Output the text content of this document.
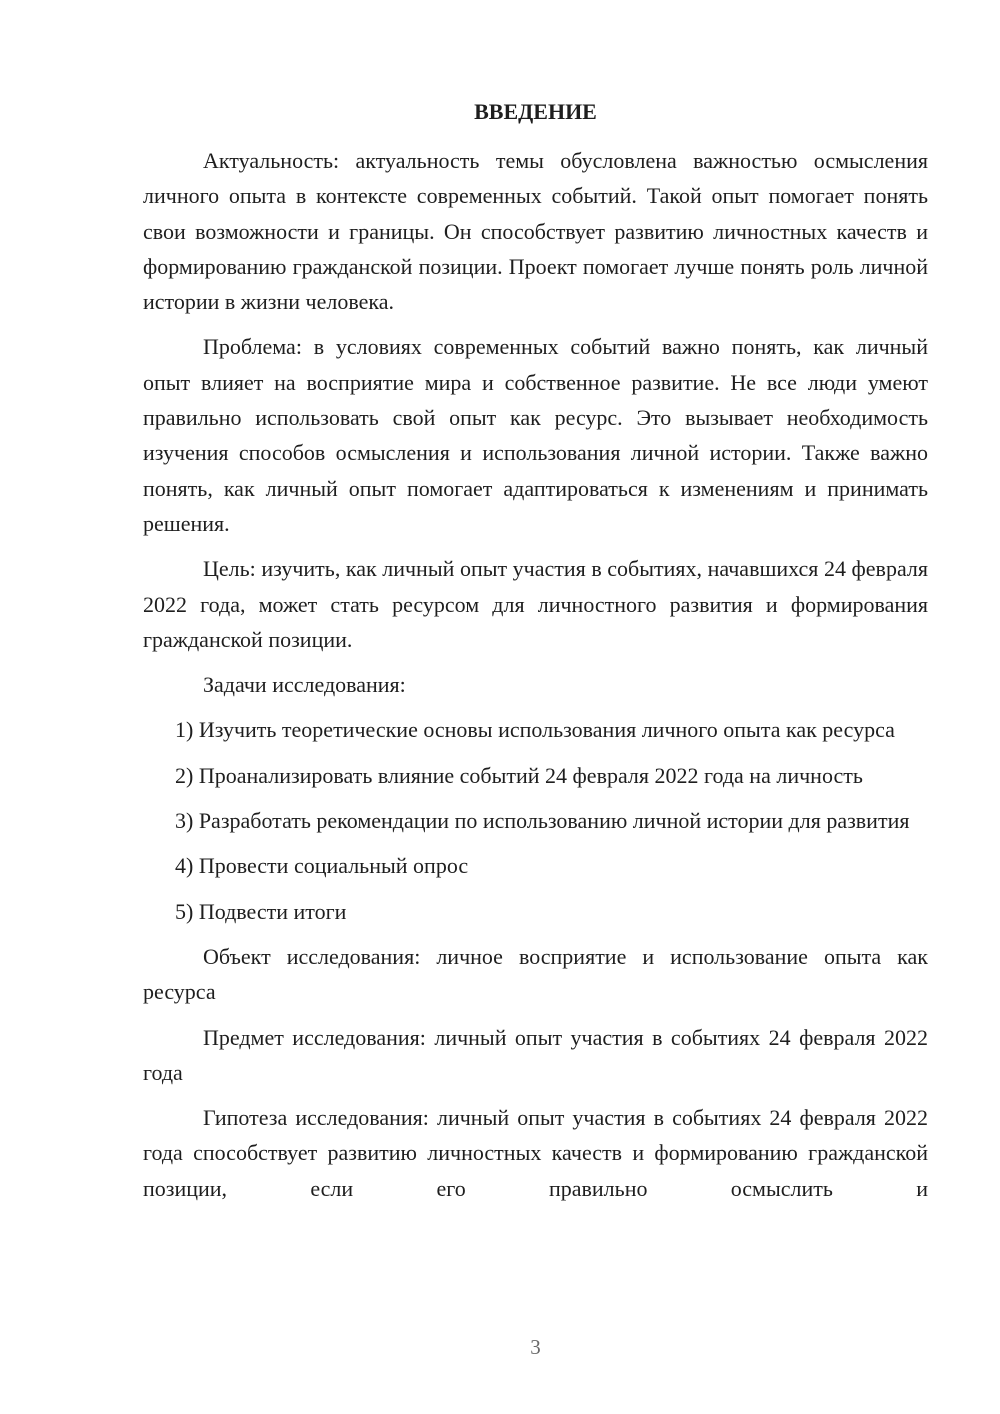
ВВЕДЕНИЕ

Актуальность: актуальность темы обусловлена важностью осмысления личного опыта в контексте современных событий. Такой опыт помогает понять свои возможности и границы. Он способствует развитию личностных качеств и формированию гражданской позиции. Проект помогает лучше понять роль личной истории в жизни человека.

Проблема: в условиях современных событий важно понять, как личный опыт влияет на восприятие мира и собственное развитие. Не все люди умеют правильно использовать свой опыт как ресурс. Это вызывает необходимость изучения способов осмысления и использования личной истории. Также важно понять, как личный опыт помогает адаптироваться к изменениям и принимать решения.

Цель: изучить, как личный опыт участия в событиях, начавшихся 24 февраля 2022 года, может стать ресурсом для личностного развития и формирования гражданской позиции.

Задачи исследования:

1) Изучить теоретические основы использования личного опыта как ресурса

2) Проанализировать влияние событий 24 февраля 2022 года на личность

3) Разработать рекомендации по использованию личной истории для развития

4) Провести социальный опрос

5) Подвести итоги

Объект исследования: личное восприятие и использование опыта как ресурса

Предмет исследования: личный опыт участия в событиях 24 февраля 2022 года

Гипотеза исследования: личный опыт участия в событиях 24 февраля 2022 года способствует развитию личностных качеств и формированию гражданской позиции, если его правильно осмыслить и

3
